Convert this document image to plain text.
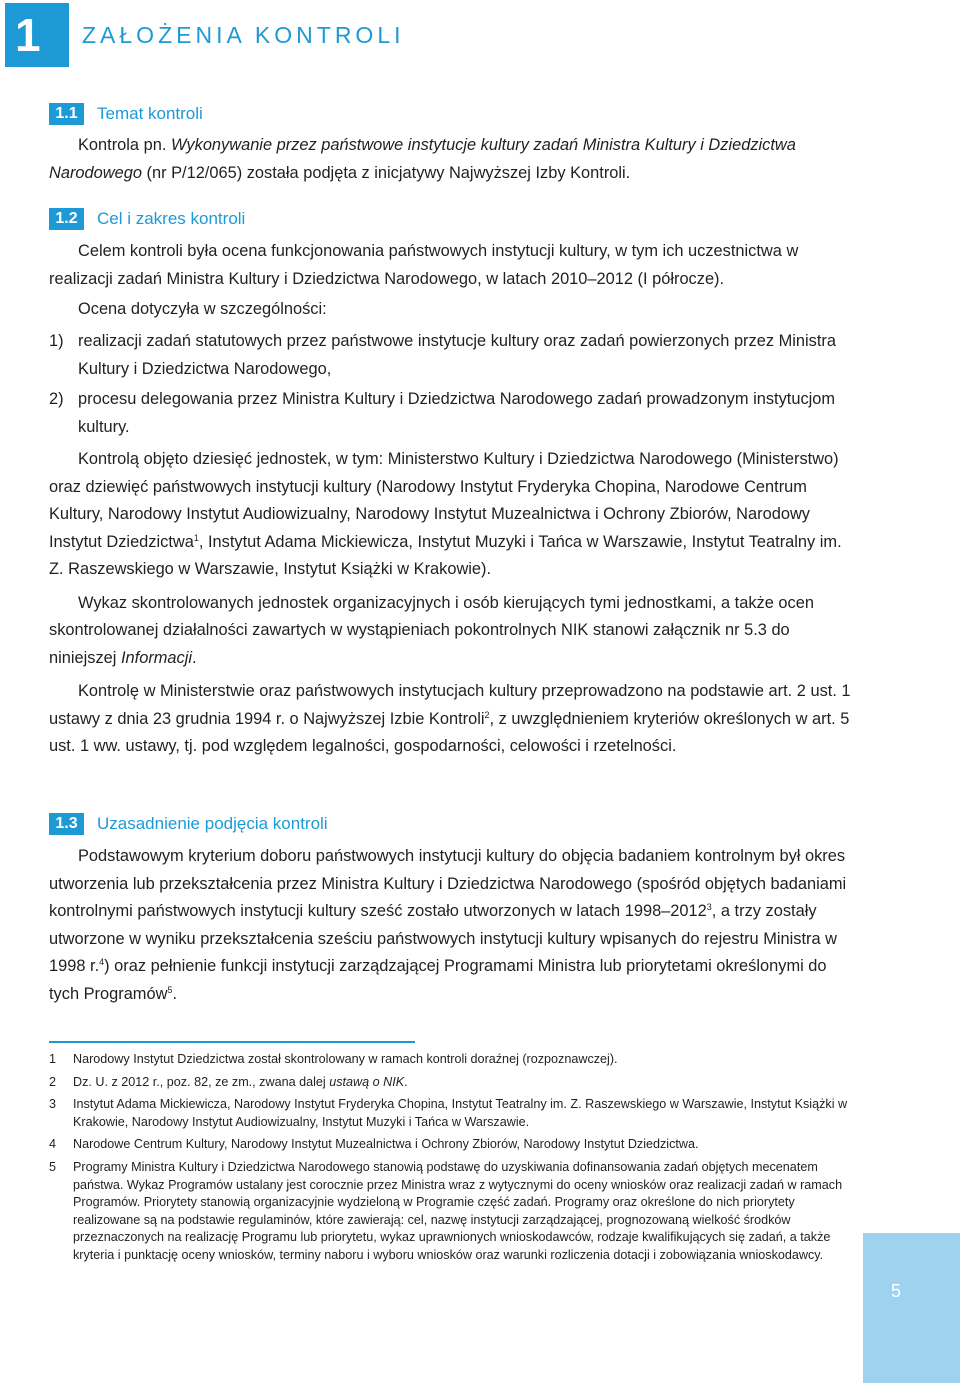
1	ZAŁOŻENIA KONTROLI
1.1	Temat kontroli

Kontrola pn. Wykonywanie przez państwowe instytucje kultury zadań Ministra Kultury i Dziedzictwa Narodowego (nr P/12/065) została podjęta z inicjatywy Najwyższej Izby Kontroli.

1.2	Cel i zakres kontroli

Celem kontroli była ocena funkcjonowania państwowych instytucji kultury, w tym ich uczestnictwa w realizacji zadań Ministra Kultury i Dziedzictwa Narodowego, w latach 2010–2012 (I półrocze).

Ocena dotyczyła w szczególności:

1) realizacji zadań statutowych przez państwowe instytucje kultury oraz zadań powierzonych przez Ministra Kultury i Dziedzictwa Narodowego,
2) procesu delegowania przez Ministra Kultury i Dziedzictwa Narodowego zadań prowadzonym instytucjom kultury.

Kontrolą objęto dziesięć jednostek, w tym: Ministerstwo Kultury i Dziedzictwa Narodowego (Ministerstwo) oraz dziewięć państwowych instytucji kultury (Narodowy Instytut Fryderyka Chopina, Narodowe Centrum Kultury, Narodowy Instytut Audiowizualny, Narodowy Instytut Muzealnictwa i Ochrony Zbiorów, Narodowy Instytut Dziedzictwa$^1$, Instytut Adama Mickiewicza, Instytut Muzyki i Tańca w Warszawie, Instytut Teatralny im. Z. Raszewskiego w Warszawie, Instytut Książki w Krakowie).

Wykaz skontrolowanych jednostek organizacyjnych i osób kierujących tymi jednostkami, a także ocen skontrolowanej działalności zawartych w wystąpieniach pokontrolnych NIK stanowi załącznik nr 5.3 do niniejszej Informacji.

Kontrolę w Ministerstwie oraz państwowych instytucjach kultury przeprowadzono na podstawie art. 2 ust. 1 ustawy z dnia 23 grudnia 1994 r. o Najwyższej Izbie Kontroli$^2$, z uwzględnieniem kryteriów określonych w art. 5 ust. 1 ww. ustawy, tj. pod względem legalności, gospodarności, celowości i rzetelności.

1.3	Uzasadnienie podjęcia kontroli

Podstawowym kryterium doboru państwowych instytucji kultury do objęcia badaniem kontrolnym był okres utworzenia lub przekształcenia przez Ministra Kultury i Dziedzictwa Narodowego (spośród objętych badaniami kontrolnymi państwowych instytucji kultury sześć zostało utworzonych w latach 1998–2012$^3$, a trzy zostały utworzone w wyniku przekształcenia sześciu państwowych instytucji kultury wpisanych do rejestru Ministra w 1998 r.$^4$) oraz pełnienie funkcji instytucji zarządzającej Programami Ministra lub priorytetami określonymi do tych Programów$^5$.

1 Narodowy Instytut Dziedzictwa został skontrolowany w ramach kontroli doraźnej (rozpoznawczej).
2 Dz. U. z 2012 r., poz. 82, ze zm., zwana dalej ustawą o NIK.
3 Instytut Adama Mickiewicza, Narodowy Instytut Fryderyka Chopina, Instytut Teatralny im. Z. Raszewskiego w Warszawie, Instytut Książki w Krakowie, Narodowy Instytut Audiowizualny, Instytut Muzyki i Tańca w Warszawie.
4 Narodowe Centrum Kultury, Narodowy Instytut Muzealnictwa i Ochrony Zbiorów, Narodowy Instytut Dziedzictwa.
5 Programy Ministra Kultury i Dziedzictwa Narodowego stanowią podstawę do uzyskiwania dofinansowania zadań objętych mecenatem państwa. Wykaz Programów ustalany jest corocznie przez Ministra wraz z wytycznymi do oceny wniosków oraz realizacji zadań w ramach Programów. Priorytety stanowią organizacyjnie wydzieloną w Programie część zadań. Programy oraz określone do nich priorytety realizowane są na podstawie regulaminów, które zawierają: cel, nazwę instytucji zarządzającej, prognozowaną wielkość środków przeznaczonych na realizację Programu lub priorytetu, wykaz uprawnionych wnioskodawców, rodzaje kwalifikujących się zadań, a także kryteria i punktację oceny wniosków, terminy naboru i wyboru wniosków oraz warunki rozliczenia dotacji i zobowiązania wnioskodawcy.
5
